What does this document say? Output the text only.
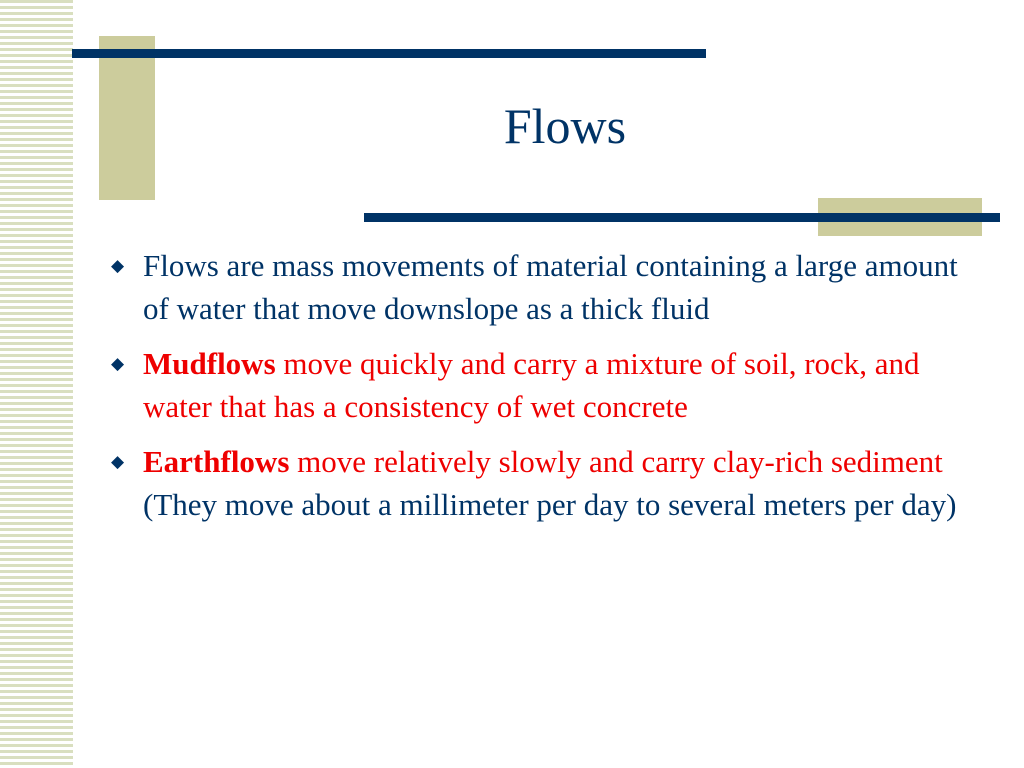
Flows
◆ Flows are mass movements of material containing a large amount of water that move downslope as a thick fluid
◆ Mudflows move quickly and carry a mixture of soil, rock, and water that has a consistency of wet concrete
◆ Earthflows move relatively slowly and carry clay-rich sediment (They move about a millimeter per day to several meters per day)
